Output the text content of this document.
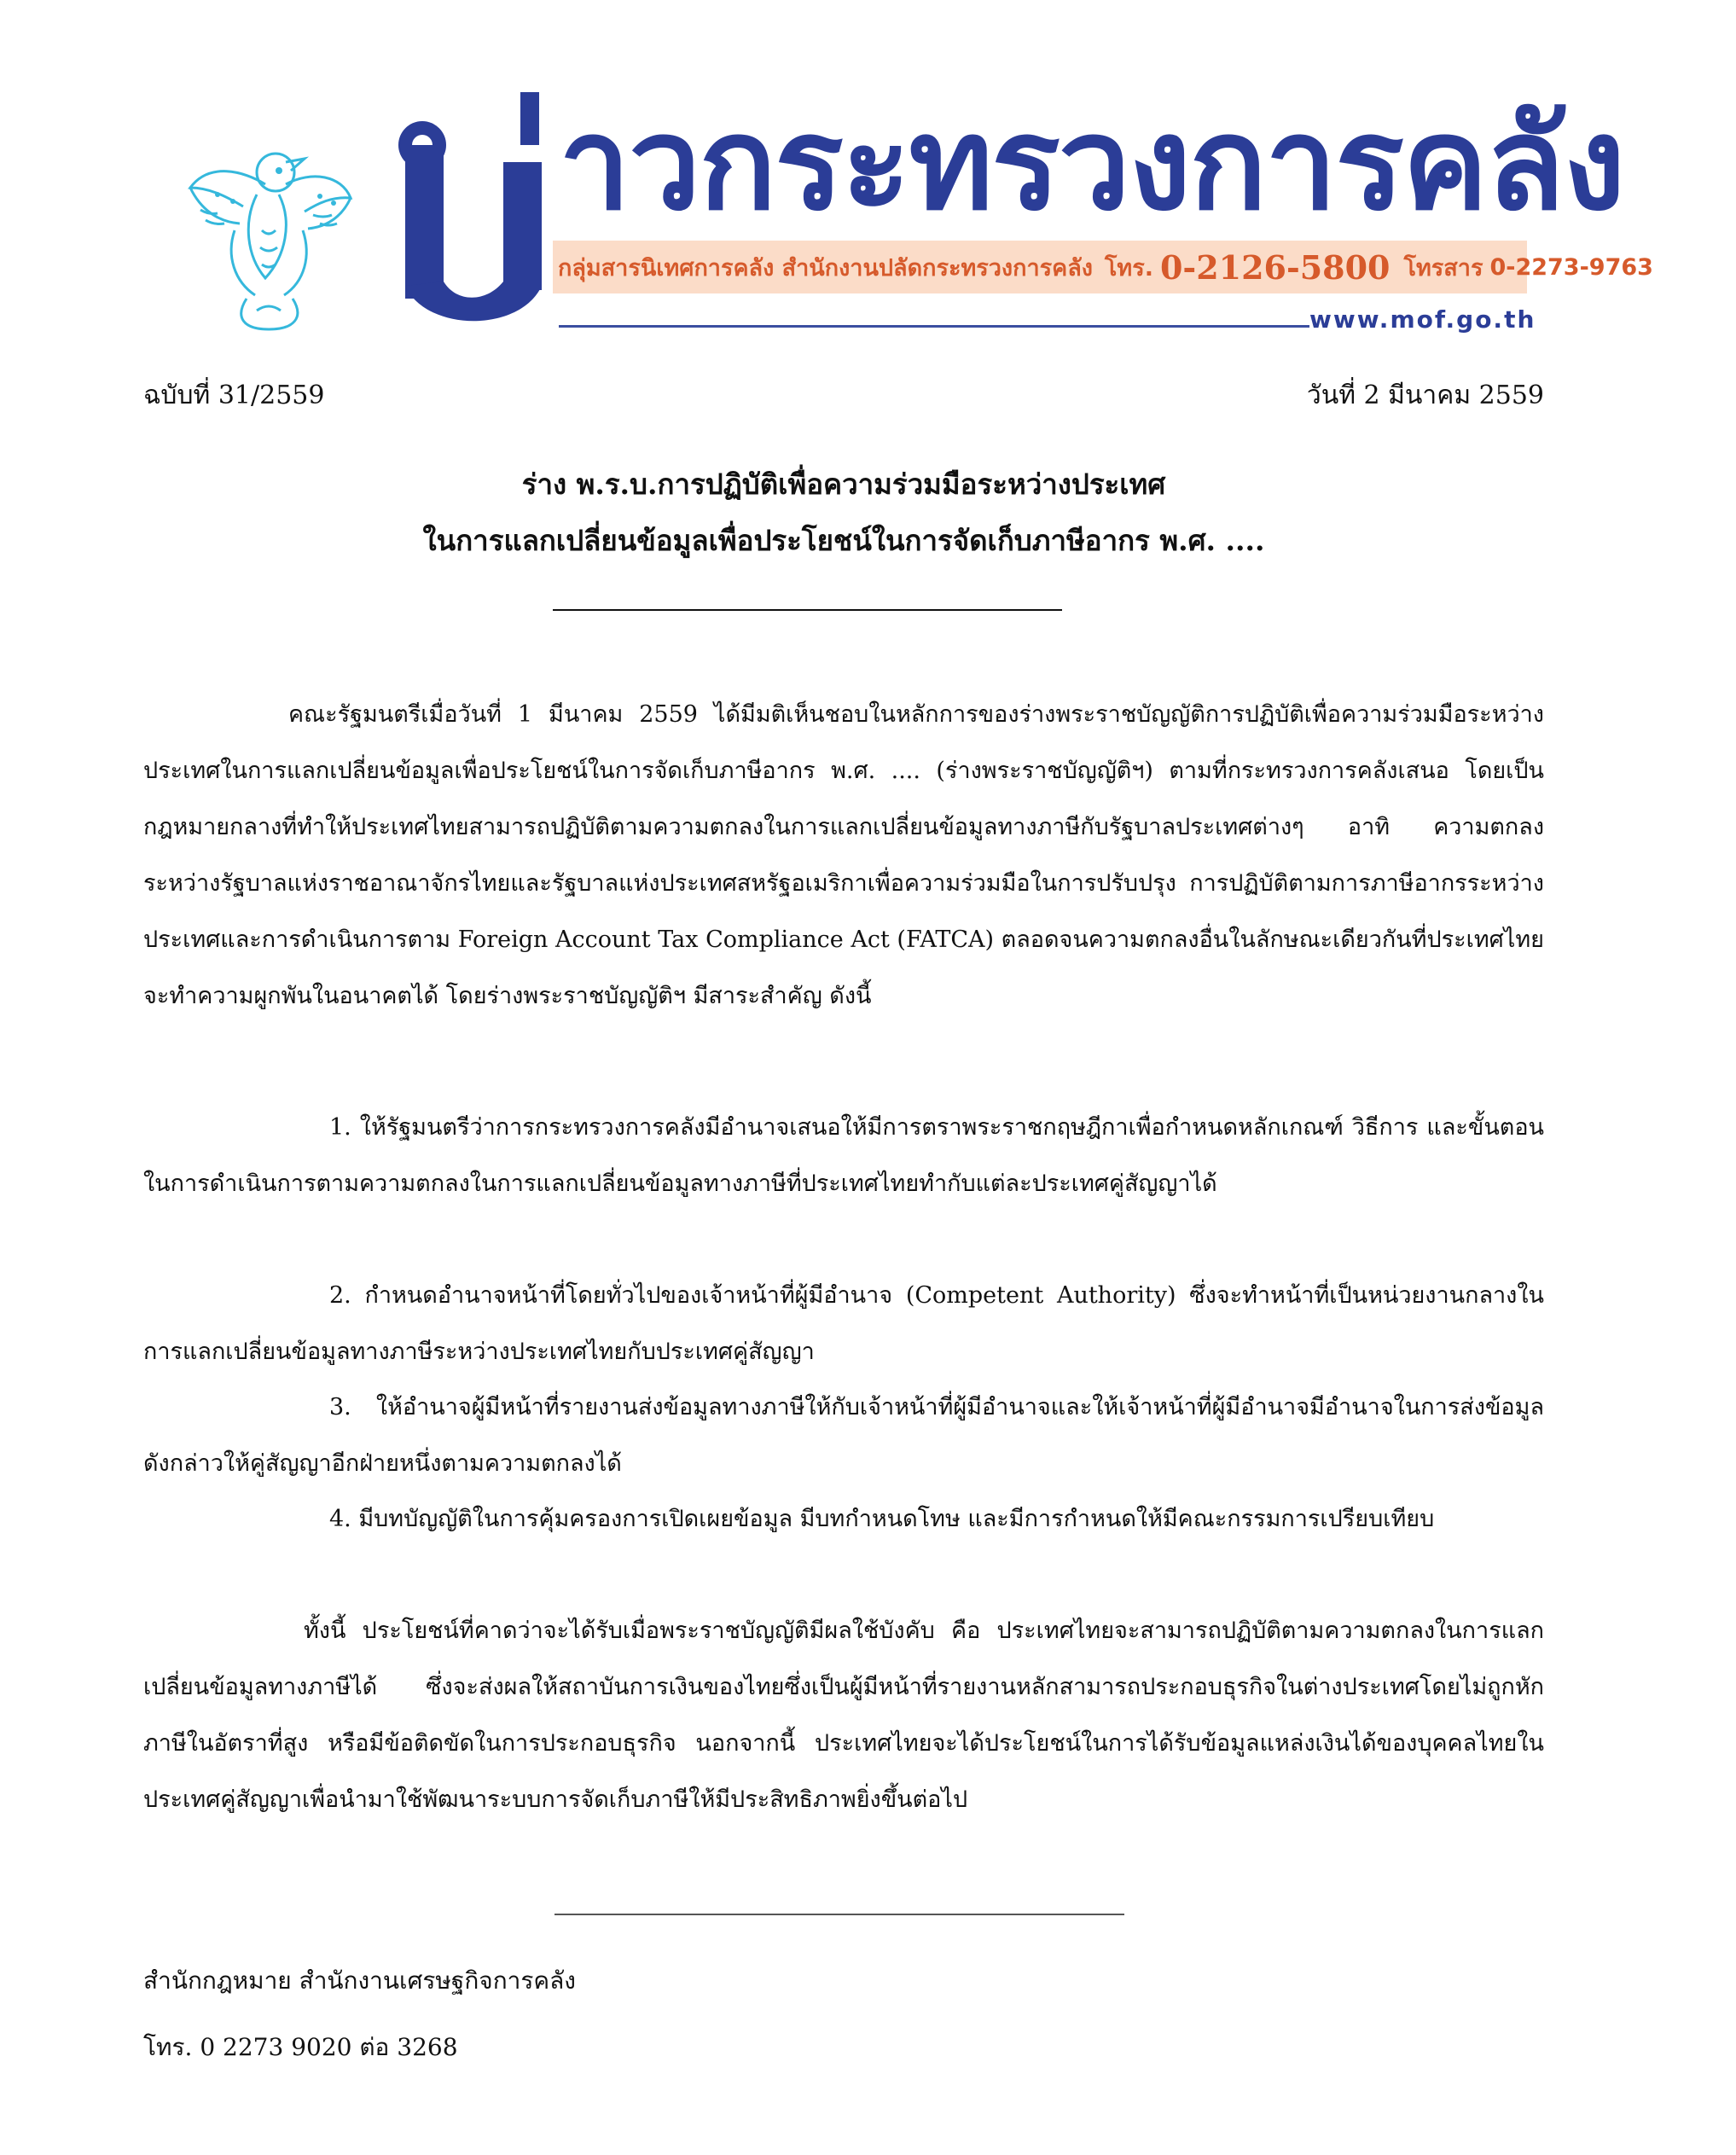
าวกระทรวงการคลัง
กลุ่มสารนิเทศการคลัง สำนักงานปลัดกระทรวงการคลัง โทร. 0-2126-5800 โทรสาร 0-2273-9763
www.mof.go.th
ฉบับที่ 31/2559	วันที่ 2 มีนาคม 2559
ร่าง พ.ร.บ.การปฏิบัติเพื่อความร่วมมือระหว่างประเทศ
ในการแลกเปลี่ยนข้อมูลเพื่อประโยชน์ในการจัดเก็บภาษีอากร พ.ศ. ....

คณะรัฐมนตรีเมื่อวันที่ 1 มีนาคม 2559 ได้มีมติเห็นชอบในหลักการของร่างพระราชบัญญัติการปฏิบัติเพื่อความร่วมมือระหว่างประเทศในการแลกเปลี่ยนข้อมูลเพื่อประโยชน์ในการจัดเก็บภาษีอากร พ.ศ. .... (ร่างพระราชบัญญัติฯ) ตามที่กระทรวงการคลังเสนอ โดยเป็นกฎหมายกลางที่ทำให้ประเทศไทยสามารถปฏิบัติตามความตกลงในการแลกเปลี่ยนข้อมูลทางภาษีกับรัฐบาลประเทศต่างๆ อาทิ ความตกลงระหว่างรัฐบาลแห่งราชอาณาจักรไทยและรัฐบาลแห่งประเทศสหรัฐอเมริกาเพื่อความร่วมมือในการปรับปรุง การปฏิบัติตามการภาษีอากรระหว่างประเทศและการดำเนินการตาม Foreign Account Tax Compliance Act (FATCA) ตลอดจนความตกลงอื่นในลักษณะเดียวกันที่ประเทศไทยจะทำความผูกพันในอนาคตได้ โดยร่างพระราชบัญญัติฯ มีสาระสำคัญ ดังนี้

1. ให้รัฐมนตรีว่าการกระทรวงการคลังมีอำนาจเสนอให้มีการตราพระราชกฤษฎีกาเพื่อกำหนดหลักเกณฑ์ วิธีการ และขั้นตอนในการดำเนินการตามความตกลงในการแลกเปลี่ยนข้อมูลทางภาษีที่ประเทศไทยทำกับแต่ละประเทศคู่สัญญาได้

2. กำหนดอำนาจหน้าที่โดยทั่วไปของเจ้าหน้าที่ผู้มีอำนาจ (Competent Authority) ซึ่งจะทำหน้าที่เป็นหน่วยงานกลางในการแลกเปลี่ยนข้อมูลทางภาษีระหว่างประเทศไทยกับประเทศคู่สัญญา

3. ให้อำนาจผู้มีหน้าที่รายงานส่งข้อมูลทางภาษีให้กับเจ้าหน้าที่ผู้มีอำนาจและให้เจ้าหน้าที่ผู้มีอำนาจมีอำนาจในการส่งข้อมูลดังกล่าวให้คู่สัญญาอีกฝ่ายหนึ่งตามความตกลงได้

4. มีบทบัญญัติในการคุ้มครองการเปิดเผยข้อมูล มีบทกำหนดโทษ และมีการกำหนดให้มีคณะกรรมการเปรียบเทียบ

ทั้งนี้ ประโยชน์ที่คาดว่าจะได้รับเมื่อพระราชบัญญัติมีผลใช้บังคับ คือ ประเทศไทยจะสามารถปฏิบัติตามความตกลงในการแลกเปลี่ยนข้อมูลทางภาษีได้ ซึ่งจะส่งผลให้สถาบันการเงินของไทยซึ่งเป็นผู้มีหน้าที่รายงานหลักสามารถประกอบธุรกิจในต่างประเทศโดยไม่ถูกหักภาษีในอัตราที่สูง หรือมีข้อติดขัดในการประกอบธุรกิจ นอกจากนี้ ประเทศไทยจะได้ประโยชน์ในการได้รับข้อมูลแหล่งเงินได้ของบุคคลไทยในประเทศคู่สัญญาเพื่อนำมาใช้พัฒนาระบบการจัดเก็บภาษีให้มีประสิทธิภาพยิ่งขึ้นต่อไป

สำนักกฎหมาย สำนักงานเศรษฐกิจการคลัง
โทร. 0 2273 9020 ต่อ 3268
